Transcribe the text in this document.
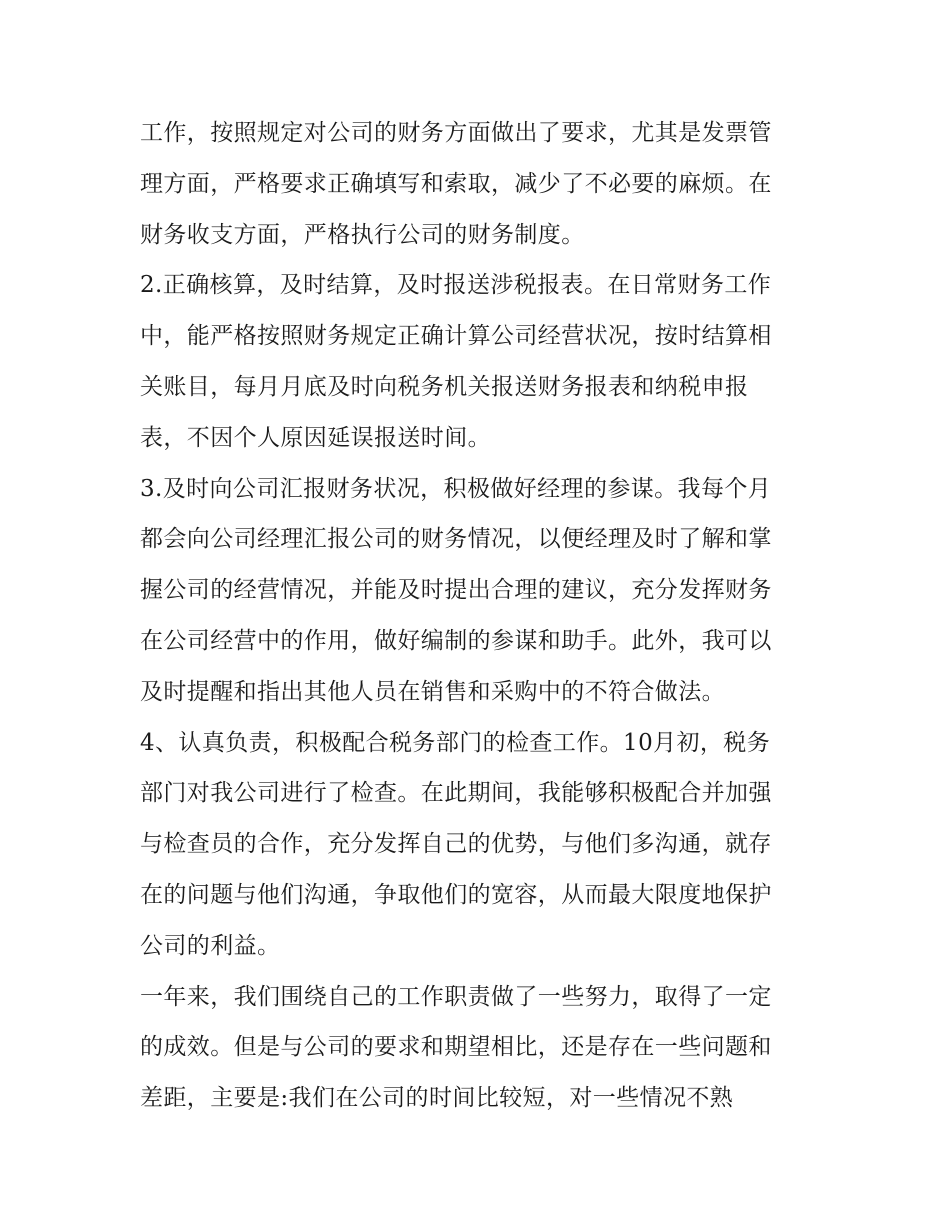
工作，按照规定对公司的财务方面做出了要求，尤其是发票管
理方面，严格要求正确填写和索取，减少了不必要的麻烦。在
财务收支方面，严格执行公司的财务制度。

2.正确核算，及时结算，及时报送涉税报表。在日常财务工作
中，能严格按照财务规定正确计算公司经营状况，按时结算相
关账目，每月月底及时向税务机关报送财务报表和纳税申报
表，不因个人原因延误报送时间。

3.及时向公司汇报财务状况，积极做好经理的参谋。我每个月
都会向公司经理汇报公司的财务情况，以便经理及时了解和掌
握公司的经营情况，并能及时提出合理的建议，充分发挥财务
在公司经营中的作用，做好编制的参谋和助手。此外，我可以
及时提醒和指出其他人员在销售和采购中的不符合做法。

4、认真负责，积极配合税务部门的检查工作。10月初，税务
部门对我公司进行了检查。在此期间，我能够积极配合并加强
与检查员的合作，充分发挥自己的优势，与他们多沟通，就存
在的问题与他们沟通，争取他们的宽容，从而最大限度地保护
公司的利益。

一年来，我们围绕自己的工作职责做了一些努力，取得了一定
的成效。但是与公司的要求和期望相比，还是存在一些问题和
差距，主要是:我们在公司的时间比较短，对一些情况不熟
